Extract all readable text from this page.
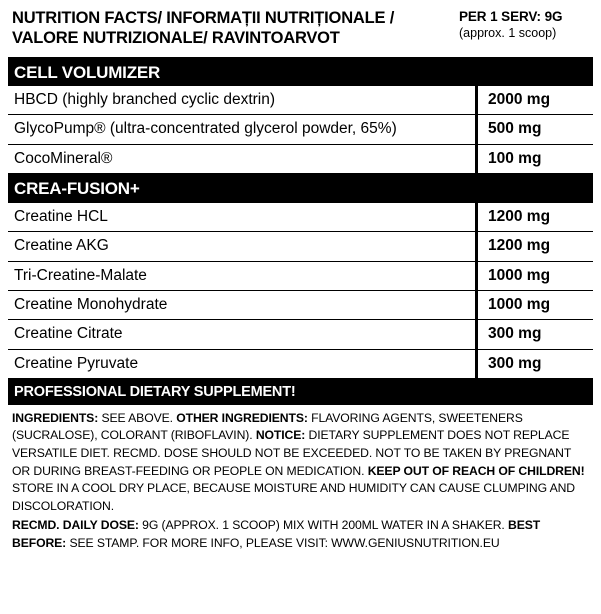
NUTRITION FACTS/ INFORMAȚII NUTRIȚIONALE /
VALORE NUTRIZIONALE/ RAVINTOARVOT
PER 1 SERV: 9G
(approx. 1 scoop)
CELL VOLUMIZER
HBCD (highly branched cyclic dextrin)	2000 mg
GlycoPump® (ultra-concentrated glycerol powder, 65%)	500 mg
CocoMineral®	100 mg
CREA-FUSION+
Creatine HCL	1200 mg
Creatine AKG	1200 mg
Tri-Creatine-Malate	1000 mg
Creatine Monohydrate	1000 mg
Creatine Citrate	300 mg
Creatine Pyruvate	300 mg
PROFESSIONAL DIETARY SUPPLEMENT!

INGREDIENTS: SEE ABOVE. OTHER INGREDIENTS: FLAVORING AGENTS, SWEETENERS (SUCRALOSE), COLORANT (RIBOFLAVIN). NOTICE: DIETARY SUPPLEMENT DOES NOT REPLACE VERSATILE DIET. RECMD. DOSE SHOULD NOT BE EXCEEDED. NOT TO BE TAKEN BY PREGNANT OR DURING BREAST-FEEDING OR PEOPLE ON MEDICATION. KEEP OUT OF REACH OF CHILDREN! STORE IN A COOL DRY PLACE, BECAUSE MOISTURE AND HUMIDITY CAN CAUSE CLUMPING AND DISCOLORATION.

RECMD. DAILY DOSE: 9G (APPROX. 1 SCOOP) MIX WITH 200ML WATER IN A SHAKER. BEST BEFORE: SEE STAMP. FOR MORE INFO, PLEASE VISIT: WWW.GENIUSNUTRITION.EU
